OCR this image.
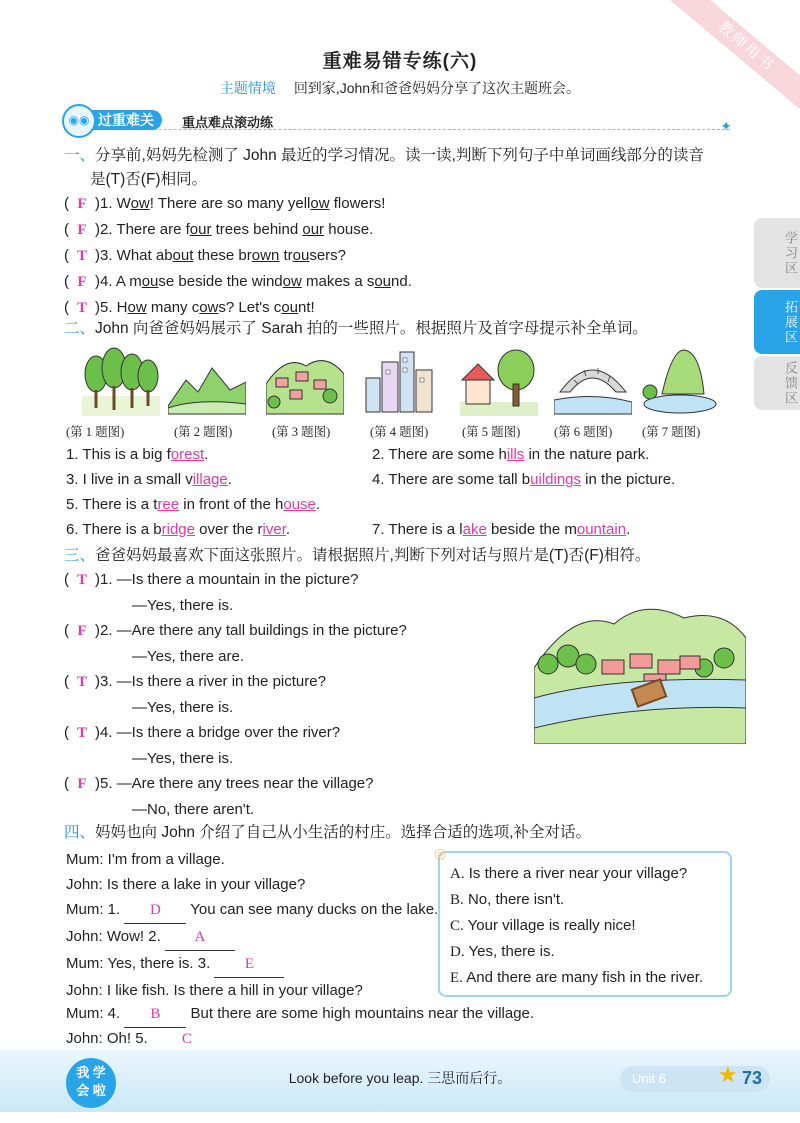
教师用书
重难易错专练(六)
主题情境 回到家,John和爸爸妈妈分享了这次主题班会。
◉◉ 过重难关	重点难点滚动练	✦
学习区
拓展区
反馈区
一、分享前,妈妈先检测了 John 最近的学习情况。读一读,判断下列句子中单词画线部分的读音
是(T)否(F)相同。
( F )1. Wow! There are so many yellow flowers!
( F )2. There are four trees behind our house.
( T )3. What about these brown trousers?
( F )4. A mouse beside the window makes a sound.
( T )5. How many cows? Let's count!
二、John 向爸爸妈妈展示了 Sarah 拍的一些照片。根据照片及首字母提示补全单词。
(第 1 题图)	(第 2 题图)	(第 3 题图)	(第 4 题图)	(第 5 题图)	(第 6 题图) (第 7 题图)
1. This is a big forest.	2. There are some hills in the nature park.
3. I live in a small village.	4. There are some tall buildings in the picture.
5. There is a tree in front of the house.
6. There is a bridge over the river.	7. There is a lake beside the mountain.
三、爸爸妈妈最喜欢下面这张照片。请根据照片,判断下列对话与照片是(T)否(F)相符。
( T )1. —Is there a mountain in the picture?
—Yes, there is.
( F )2. —Are there any tall buildings in the picture?
—Yes, there are.
( T )3. —Is there a river in the picture?
—Yes, there is.
( T )4. —Is there a bridge over the river?
—Yes, there is.
( F )5. —Are there any trees near the village?
—No, there aren't.
四、妈妈也向 John 介绍了自己从小生活的村庄。选择合适的选项,补全对话。
Mum: I'm from a village.
John: Is there a lake in your village?
Mum: 1. D You can see many ducks on the lake.
John: Wow! 2. A
Mum: Yes, there is. 3. E
John: I like fish. Is there a hill in your village?
Mum: 4. B But there are some high mountains near the village.
John: Oh! 5. C
◎
A. Is there a river near your village?
B. No, there isn't.
C. Your village is really nice!
D. Yes, there is.
E. And there are many fish in the river.
我 学
会 啦
Look before you leap. 三思而后行。	Unit 6 ★ 73
